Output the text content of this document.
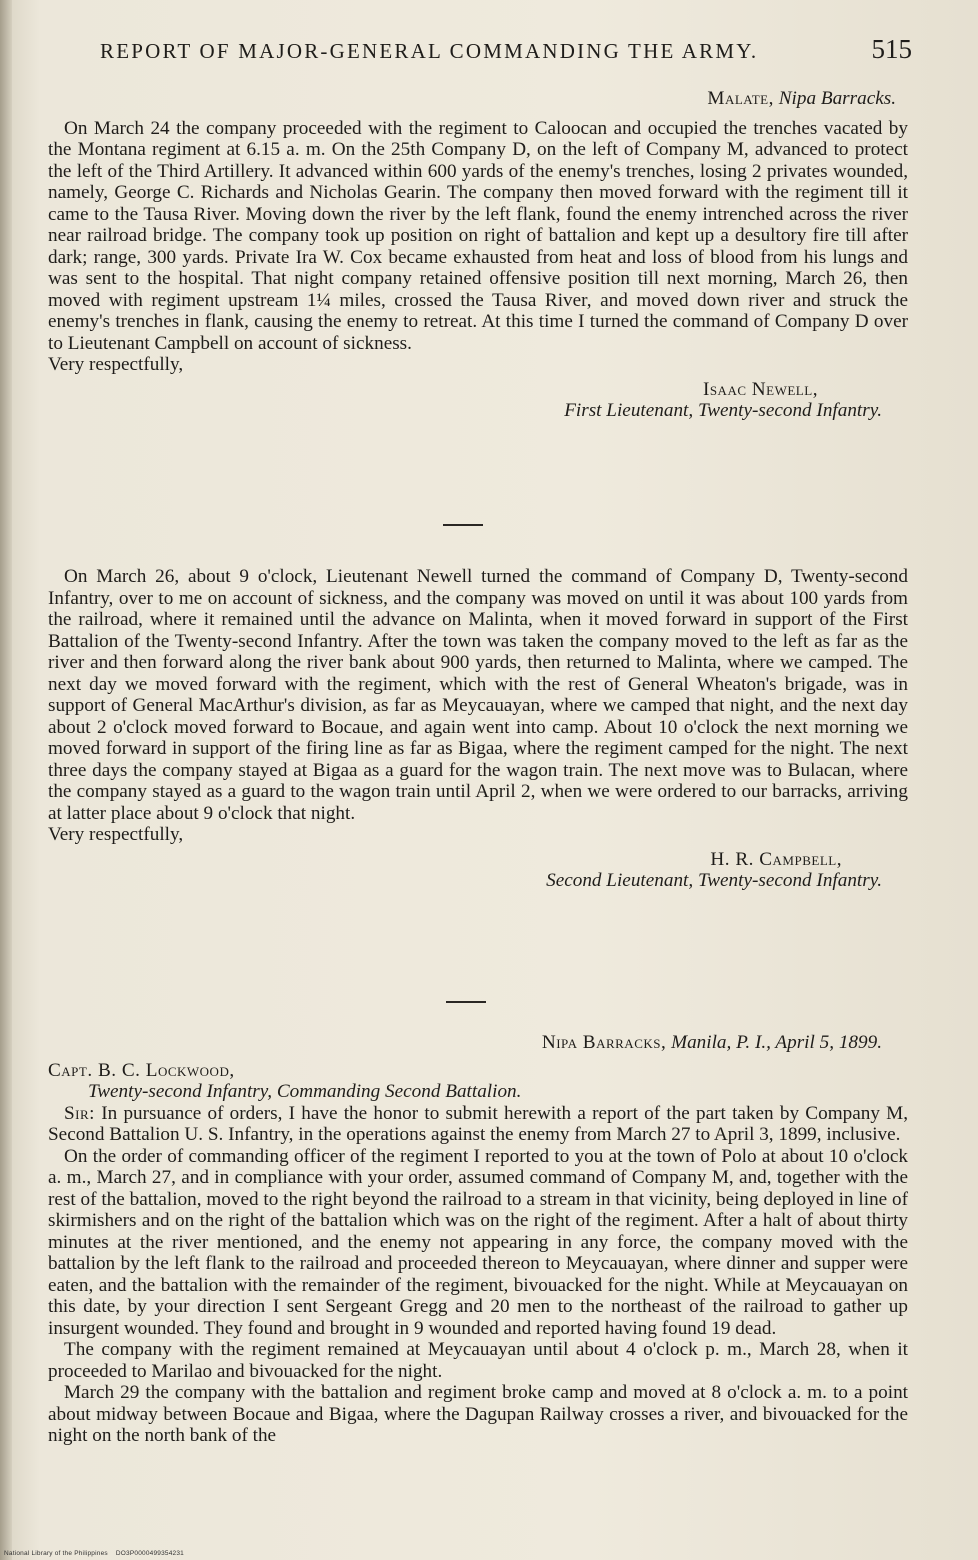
REPORT OF MAJOR-GENERAL COMMANDING THE ARMY.	515
Malate, Nipa Barracks.

On March 24 the company proceeded with the regiment to Caloocan and occupied the trenches vacated by the Montana regiment at 6.15 a. m. On the 25th Company D, on the left of Company M, advanced to protect the left of the Third Artillery. It advanced within 600 yards of the enemy's trenches, losing 2 privates wounded, namely, George C. Richards and Nicholas Gearin. The company then moved forward with the regiment till it came to the Tausa River. Moving down the river by the left flank, found the enemy intrenched across the river near railroad bridge. The company took up position on right of battalion and kept up a desultory fire till after dark; range, 300 yards. Private Ira W. Cox became exhausted from heat and loss of blood from his lungs and was sent to the hospital. That night company retained offensive position till next morning, March 26, then moved with regiment upstream 1¼ miles, crossed the Tausa River, and moved down river and struck the enemy's trenches in flank, causing the enemy to retreat. At this time I turned the command of Company D over to Lieutenant Campbell on account of sickness.

Very respectfully,

Isaac Newell,
First Lieutenant, Twenty-second Infantry.

On March 26, about 9 o'clock, Lieutenant Newell turned the command of Company D, Twenty-second Infantry, over to me on account of sickness, and the company was moved on until it was about 100 yards from the railroad, where it remained until the advance on Malinta, when it moved forward in support of the First Battalion of the Twenty-second Infantry. After the town was taken the company moved to the left as far as the river and then forward along the river bank about 900 yards, then returned to Malinta, where we camped. The next day we moved forward with the regiment, which with the rest of General Wheaton's brigade, was in support of General MacArthur's division, as far as Meycauayan, where we camped that night, and the next day about 2 o'clock moved forward to Bocaue, and again went into camp. About 10 o'clock the next morning we moved forward in support of the firing line as far as Bigaa, where the regiment camped for the night. The next three days the company stayed at Bigaa as a guard for the wagon train. The next move was to Bulacan, where the company stayed as a guard to the wagon train until April 2, when we were ordered to our barracks, arriving at latter place about 9 o'clock that night.

Very respectfully,

H. R. Campbell,
Second Lieutenant, Twenty-second Infantry.
Nipa Barracks, Manila, P. I., April 5, 1899.
Capt. B. C. Lockwood,
Twenty-second Infantry, Commanding Second Battalion.

Sir: In pursuance of orders, I have the honor to submit herewith a report of the part taken by Company M, Second Battalion U. S. Infantry, in the operations against the enemy from March 27 to April 3, 1899, inclusive.

On the order of commanding officer of the regiment I reported to you at the town of Polo at about 10 o'clock a. m., March 27, and in compliance with your order, assumed command of Company M, and, together with the rest of the battalion, moved to the right beyond the railroad to a stream in that vicinity, being deployed in line of skirmishers and on the right of the battalion which was on the right of the regiment. After a halt of about thirty minutes at the river mentioned, and the enemy not appearing in any force, the company moved with the battalion by the left flank to the railroad and proceeded thereon to Meycauayan, where dinner and supper were eaten, and the battalion with the remainder of the regiment, bivouacked for the night. While at Meycauayan on this date, by your direction I sent Sergeant Gregg and 20 men to the northeast of the railroad to gather up insurgent wounded. They found and brought in 9 wounded and reported having found 19 dead.

The company with the regiment remained at Meycauayan until about 4 o'clock p. m., March 28, when it proceeded to Marilao and bivouacked for the night.

March 29 the company with the battalion and regiment broke camp and moved at 8 o'clock a. m. to a point about midway between Bocaue and Bigaa, where the Dagupan Railway crosses a river, and bivouacked for the night on the north bank of the

National Library of the Philippines DO3P0000499354231
